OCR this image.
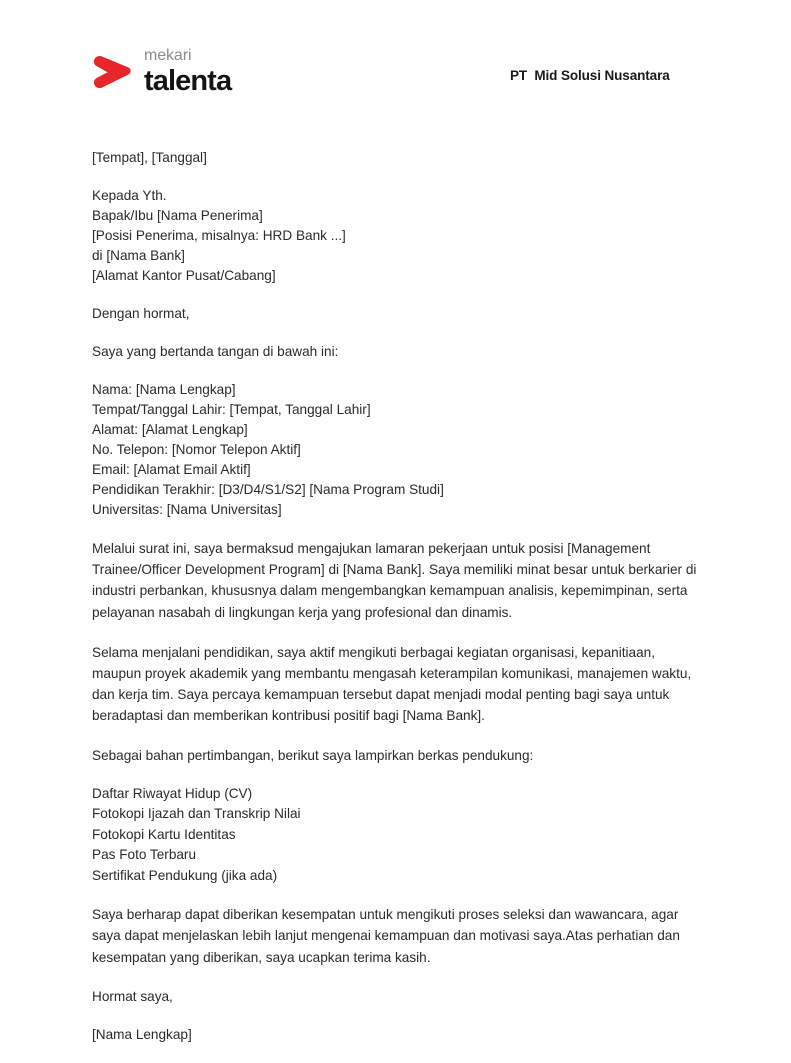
mekari
talenta	PT  Mid Solusi Nusantara
[Tempat], [Tanggal]
Kepada Yth.
Bapak/Ibu [Nama Penerima]
[Posisi Penerima, misalnya: HRD Bank ...]
di [Nama Bank]
[Alamat Kantor Pusat/Cabang]
Dengan hormat,
Saya yang bertanda tangan di bawah ini:
Nama: [Nama Lengkap]
Tempat/Tanggal Lahir: [Tempat, Tanggal Lahir]
Alamat: [Alamat Lengkap]
No. Telepon: [Nomor Telepon Aktif]
Email: [Alamat Email Aktif]
Pendidikan Terakhir: [D3/D4/S1/S2] [Nama Program Studi]
Universitas: [Nama Universitas]

Melalui surat ini, saya bermaksud mengajukan lamaran pekerjaan untuk posisi [Management Trainee/Officer Development Program] di [Nama Bank]. Saya memiliki minat besar untuk berkarier di industri perbankan, khususnya dalam mengembangkan kemampuan analisis, kepemimpinan, serta pelayanan nasabah di lingkungan kerja yang profesional dan dinamis.

Selama menjalani pendidikan, saya aktif mengikuti berbagai kegiatan organisasi, kepanitiaan, maupun proyek akademik yang membantu mengasah keterampilan komunikasi, manajemen waktu, dan kerja tim. Saya percaya kemampuan tersebut dapat menjadi modal penting bagi saya untuk beradaptasi dan memberikan kontribusi positif bagi [Nama Bank].

Sebagai bahan pertimbangan, berikut saya lampirkan berkas pendukung:
Daftar Riwayat Hidup (CV)
Fotokopi Ijazah dan Transkrip Nilai
Fotokopi Kartu Identitas
Pas Foto Terbaru
Sertifikat Pendukung (jika ada)

Saya berharap dapat diberikan kesempatan untuk mengikuti proses seleksi dan wawancara, agar saya dapat menjelaskan lebih lanjut mengenai kemampuan dan motivasi saya.Atas perhatian dan kesempatan yang diberikan, saya ucapkan terima kasih.

Hormat saya,
[Nama Lengkap]
